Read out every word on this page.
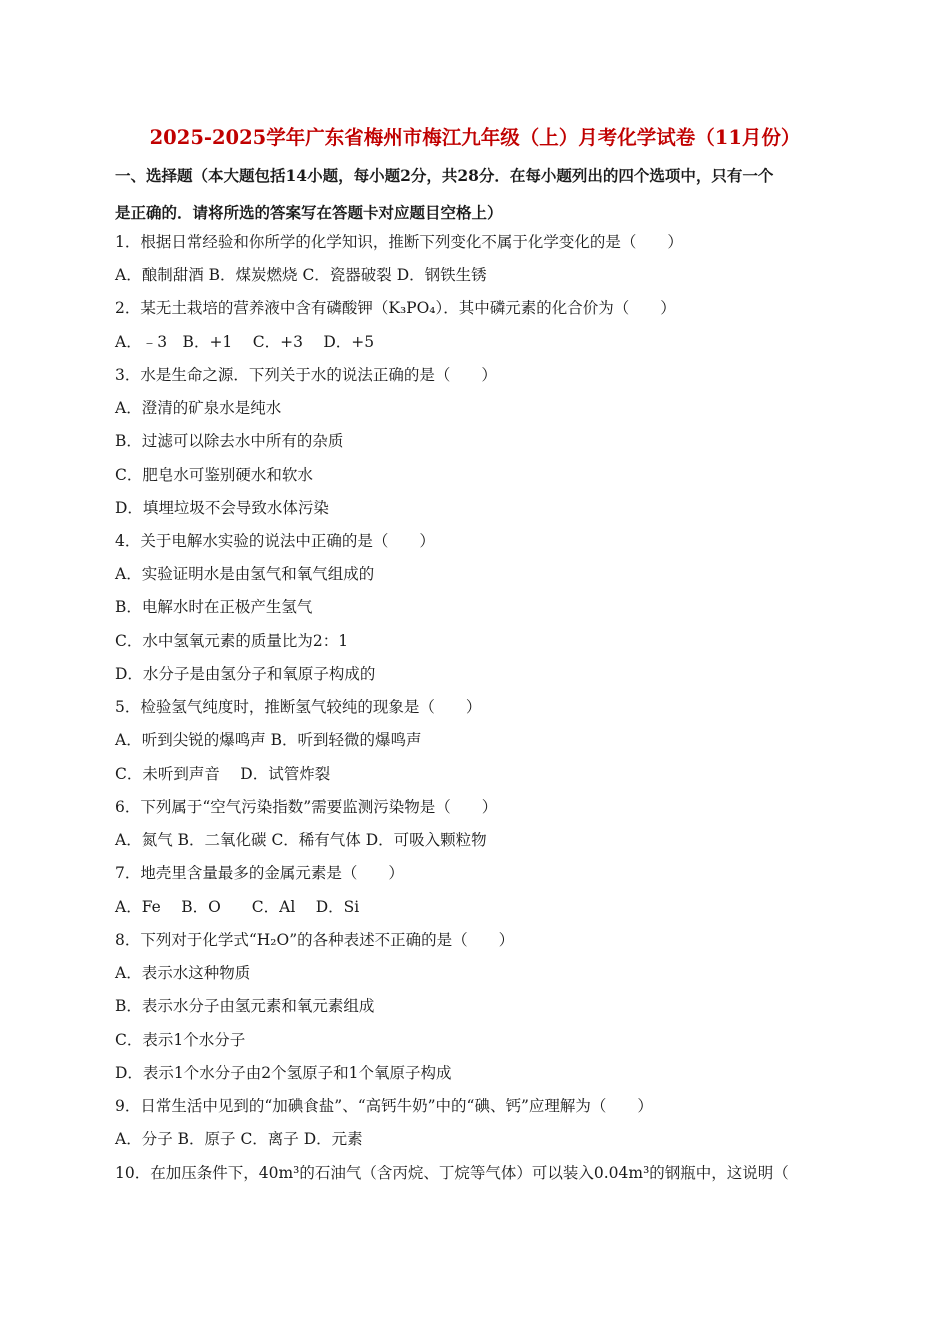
2025-2025学年广东省梅州市梅江九年级（上）月考化学试卷（11月份）
一、选择题（本大题包括14小题，每小题2分，共28分．在每小题列出的四个选项中，只有一个
是正确的．请将所选的答案写在答题卡对应题目空格上）
1．根据日常经验和你所学的化学知识，推断下列变化不属于化学变化的是（　　）
A．酿制甜酒 B．煤炭燃烧 C．瓷器破裂 D．钢铁生锈
2．某无土栽培的营养液中含有磷酸钾（K₃PO₄）．其中磷元素的化合价为（　　）
A．﹣3　B．+1　 C．+3　 D．+5
3．水是生命之源．下列关于水的说法正确的是（　　）
A．澄清的矿泉水是纯水
B．过滤可以除去水中所有的杂质
C．肥皂水可鉴别硬水和软水
D．填埋垃圾不会导致水体污染
4．关于电解水实验的说法中正确的是（　　）
A．实验证明水是由氢气和氧气组成的
B．电解水时在正极产生氢气
C．水中氢氧元素的质量比为2：1
D．水分子是由氢分子和氧原子构成的
5．检验氢气纯度时，推断氢气较纯的现象是（　　）
A．听到尖锐的爆鸣声 B．听到轻微的爆鸣声
C．未听到声音　 D．试管炸裂
6．下列属于“空气污染指数”需要监测污染物是（　　）
A．氮气 B．二氧化碳 C．稀有气体 D．可吸入颗粒物
7．地壳里含量最多的金属元素是（　　）
A．Fe　 B．O　　C．Al　 D．Si
8．下列对于化学式“H₂O”的各种表述不正确的是（　　）
A．表示水这种物质
B．表示水分子由氢元素和氧元素组成
C．表示1个水分子
D．表示1个水分子由2个氢原子和1个氧原子构成
9．日常生活中见到的“加碘食盐”、“高钙牛奶”中的“碘、钙”应理解为（　　）
A．分子 B．原子 C．离子 D．元素
10．在加压条件下，40m³的石油气（含丙烷、丁烷等气体）可以装入0.04m³的钢瓶中，这说明（
